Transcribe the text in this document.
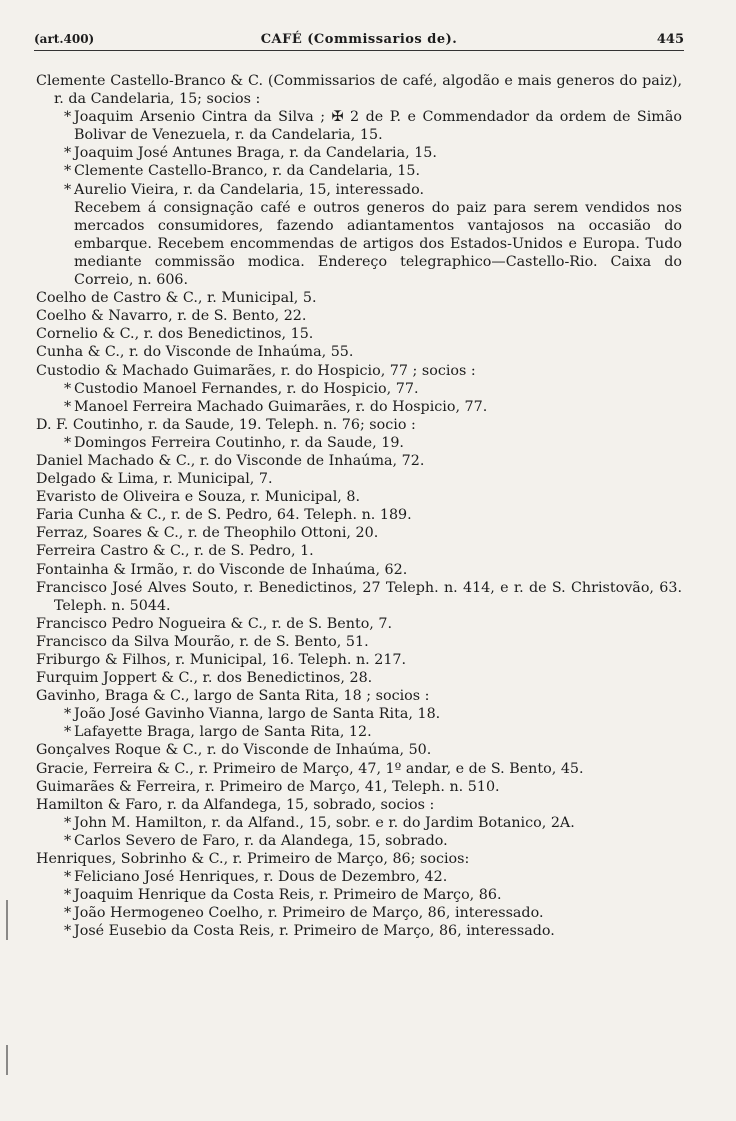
(art.400)	CAFÉ (Commissarios de).	445

Clemente Castello-Branco & C. (Commissarios de café, algodão e mais generos do paiz), r. da Candelaria, 15; socios :

* Joaquim Arsenio Cintra da Silva ; ✠ 2 de P. e Commendador da ordem de Simão Bolivar de Venezuela, r. da Candelaria, 15.

* Joaquim José Antunes Braga, r. da Candelaria, 15.

* Clemente Castello-Branco, r. da Candelaria, 15.

* Aurelio Vieira, r. da Candelaria, 15, interessado.

Recebem á consignação café e outros generos do paiz para serem vendidos nos mercados consumidores, fazendo adiantamentos vantajosos na occasião do embarque. Recebem encommendas de artigos dos Estados-Unidos e Europa. Tudo mediante commissão modica. Endereço telegraphico—Castello-Rio. Caixa do Correio, n. 606.

Coelho de Castro & C., r. Municipal, 5.

Coelho & Navarro, r. de S. Bento, 22.

Cornelio & C., r. dos Benedictinos, 15.

Cunha & C., r. do Visconde de Inhaúma, 55.

Custodio & Machado Guimarães, r. do Hospicio, 77 ; socios :

* Custodio Manoel Fernandes, r. do Hospicio, 77.

* Manoel Ferreira Machado Guimarães, r. do Hospicio, 77.

D. F. Coutinho, r. da Saude, 19. Teleph. n. 76; socio :

* Domingos Ferreira Coutinho, r. da Saude, 19.

Daniel Machado & C., r. do Visconde de Inhaúma, 72.

Delgado & Lima, r. Municipal, 7.

Evaristo de Oliveira e Souza, r. Municipal, 8.

Faria Cunha & C., r. de S. Pedro, 64. Teleph. n. 189.

Ferraz, Soares & C., r. de Theophilo Ottoni, 20.

Ferreira Castro & C., r. de S. Pedro, 1.

Fontainha & Irmão, r. do Visconde de Inhaúma, 62.

Francisco José Alves Souto, r. Benedictinos, 27 Teleph. n. 414, e r. de S. Christovão, 63. Teleph. n. 5044.

Francisco Pedro Noguеira & C., r. de S. Bento, 7.

Francisco da Silva Mourão, r. de S. Bento, 51.

Friburgo & Filhos, r. Municipal, 16. Teleph. n. 217.

Furquim Joppert & C., r. dos Benedictinos, 28.

Gavinho, Braga & C., largo de Santa Rita, 18 ; socios :

* João José Gavinho Vianna, largo de Santa Rita, 18.

* Lafayette Braga, largo de Santa Rita, 12.

Gonçalves Roque & C., r. do Visconde de Inhaúma, 50.

Gracie, Ferreira & C., r. Primeiro de Março, 47, 1º andar, e de S. Bento, 45.

Guimarães & Ferreira, r. Primeiro de Março, 41, Teleph. n. 510.

Hamilton & Faro, r. da Alfandega, 15, sobrado, socios :

* John M. Hamilton, r. da Alfand., 15, sobr. e r. do Jardim Botanico, 2A.

* Carlos Severo de Faro, r. da Alandega, 15, sobrado.

Henriques, Sobrinho & C., r. Primeiro de Março, 86; socios:

* Feliciano José Henriques, r. Dous de Dezembro, 42.

* Joaquim Henrique da Costa Reis, r. Primeiro de Março, 86.

* João Hermogeneo Coelho, r. Primeiro de Março, 86, interessado.

* José Eusebio da Costa Reis, r. Primeiro de Março, 86, interessado.
